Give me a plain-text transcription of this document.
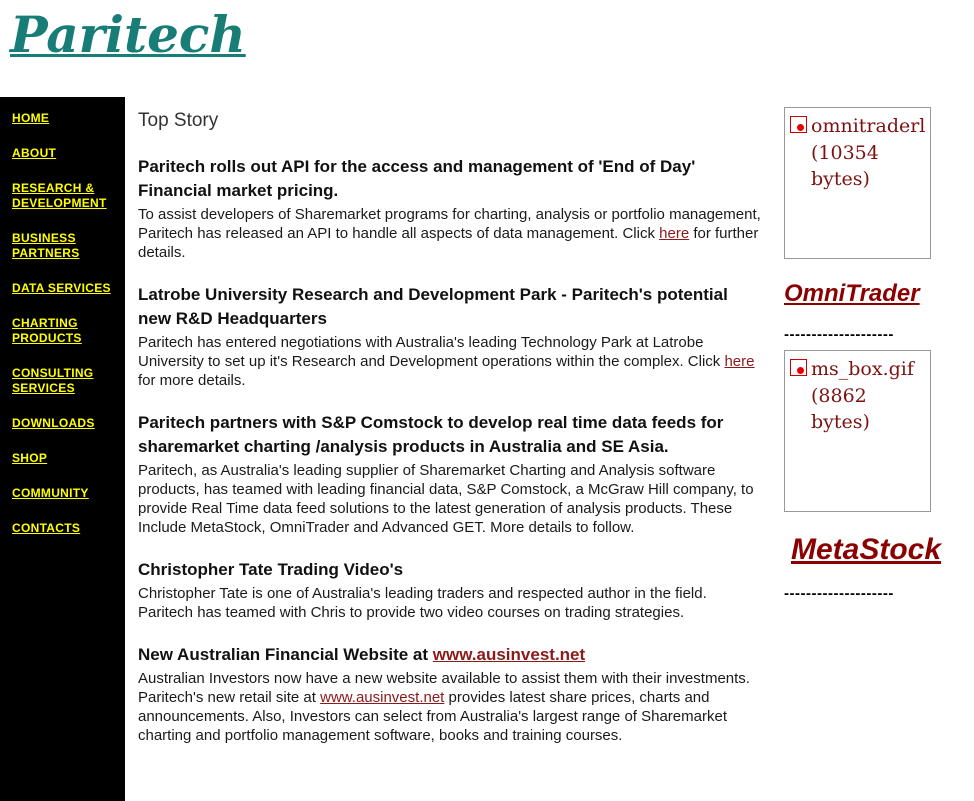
Paritech
HOME
ABOUT
RESEARCH & DEVELOPMENT
BUSINESS PARTNERS
DATA SERVICES
CHARTING PRODUCTS
CONSULTING SERVICES
DOWNLOADS
SHOP
COMMUNITY
CONTACTS
Top Story
Paritech rolls out API for the access and management of 'End of Day' Financial market pricing.

To assist developers of Sharemarket programs for charting, analysis or portfolio management, Paritech has released an API to handle all aspects of data management. Click here for further details.

Latrobe University Research and Development Park - Paritech's potential new R&D Headquarters

Paritech has entered negotiations with Australia's leading Technology Park at Latrobe University to set up it's Research and Development operations within the complex. Click here for more details.

Paritech partners with S&P Comstock to develop real time data feeds for sharemarket charting /analysis products in Australia and SE Asia.

Paritech, as Australia's leading supplier of Sharemarket Charting and Analysis software products, has teamed with leading financial data, S&P Comstock, a McGraw Hill company, to provide Real Time data feed solutions to the latest generation of analysis products. These Include MetaStock, OmniTrader and Advanced GET. More details to follow.

Christopher Tate Trading Video's

Christopher Tate is one of Australia's leading traders and respected author in the field. Paritech has teamed with Chris to provide two video courses on trading strategies.

New Australian Financial Website at www.ausinvest.net

Australian Investors now have a new website available to assist them with their investments. Paritech's new retail site at www.ausinvest.net provides latest share prices, charts and announcements. Also, Investors can select from Australia's largest range of Sharemarket charting and portfolio management software, books and training courses.

omnitraderl (10354 bytes)
OmniTrader
--------------------
ms_box.gif (8862 bytes)
MetaStock
--------------------
